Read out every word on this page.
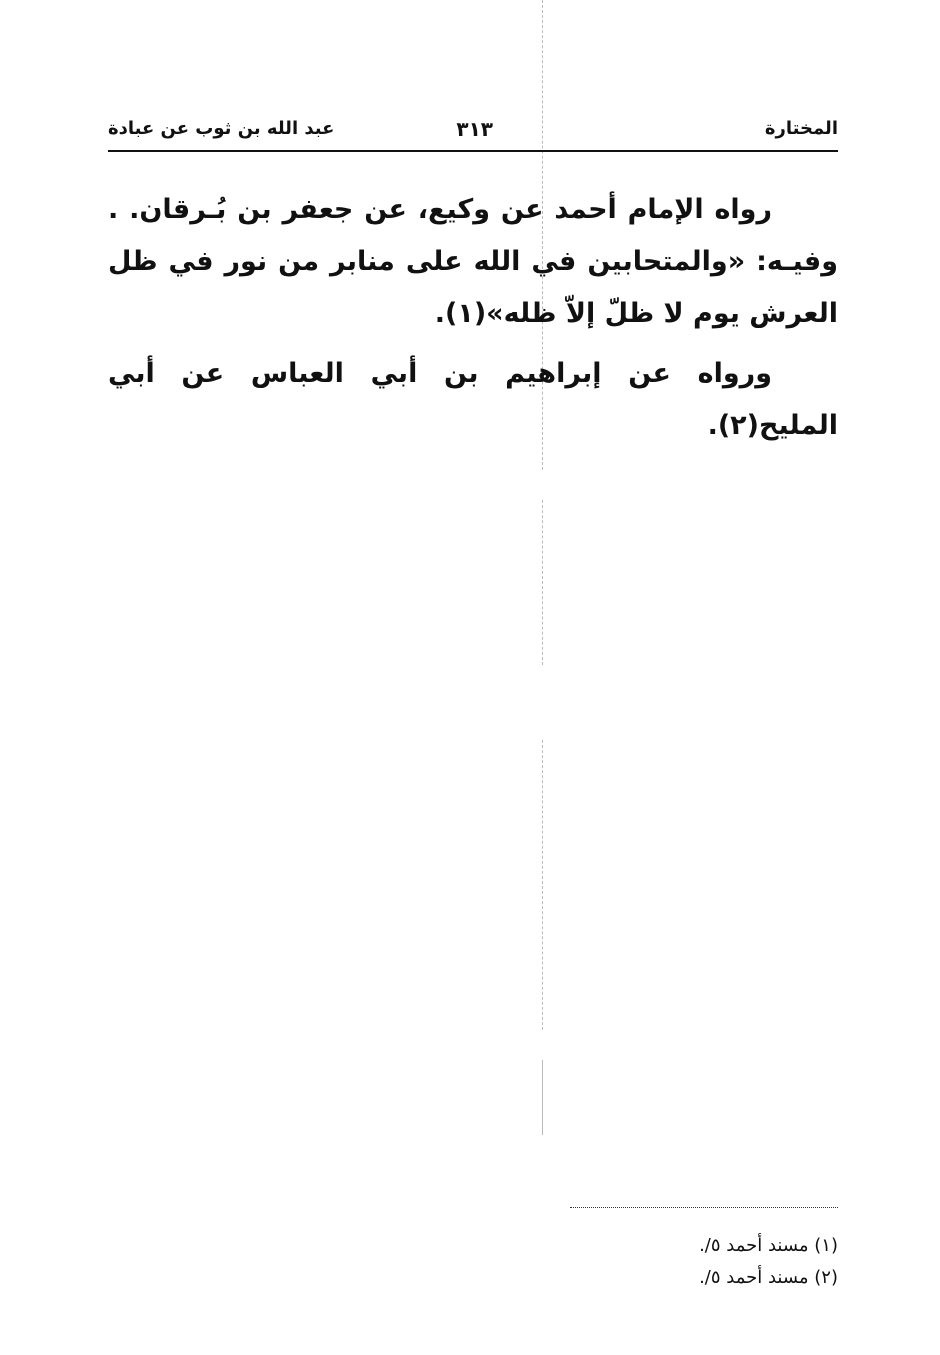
المختارة
٣١٣
عبد الله بن ثوب عن عبادة

رواه الإمام أحمد عن وكيع، عن جعفر بن بُـرقان. . وفيـه: «والمتحابين في الله على منابر من نور في ظل العرش يوم لا ظلّ إلاّ ظله»(١).

ورواه عن إبراهيم بن أبي العباس عن أبي المليح(٢).

(١) مسند أحمد ٥/.
(٢) مسند أحمد ٥/.
